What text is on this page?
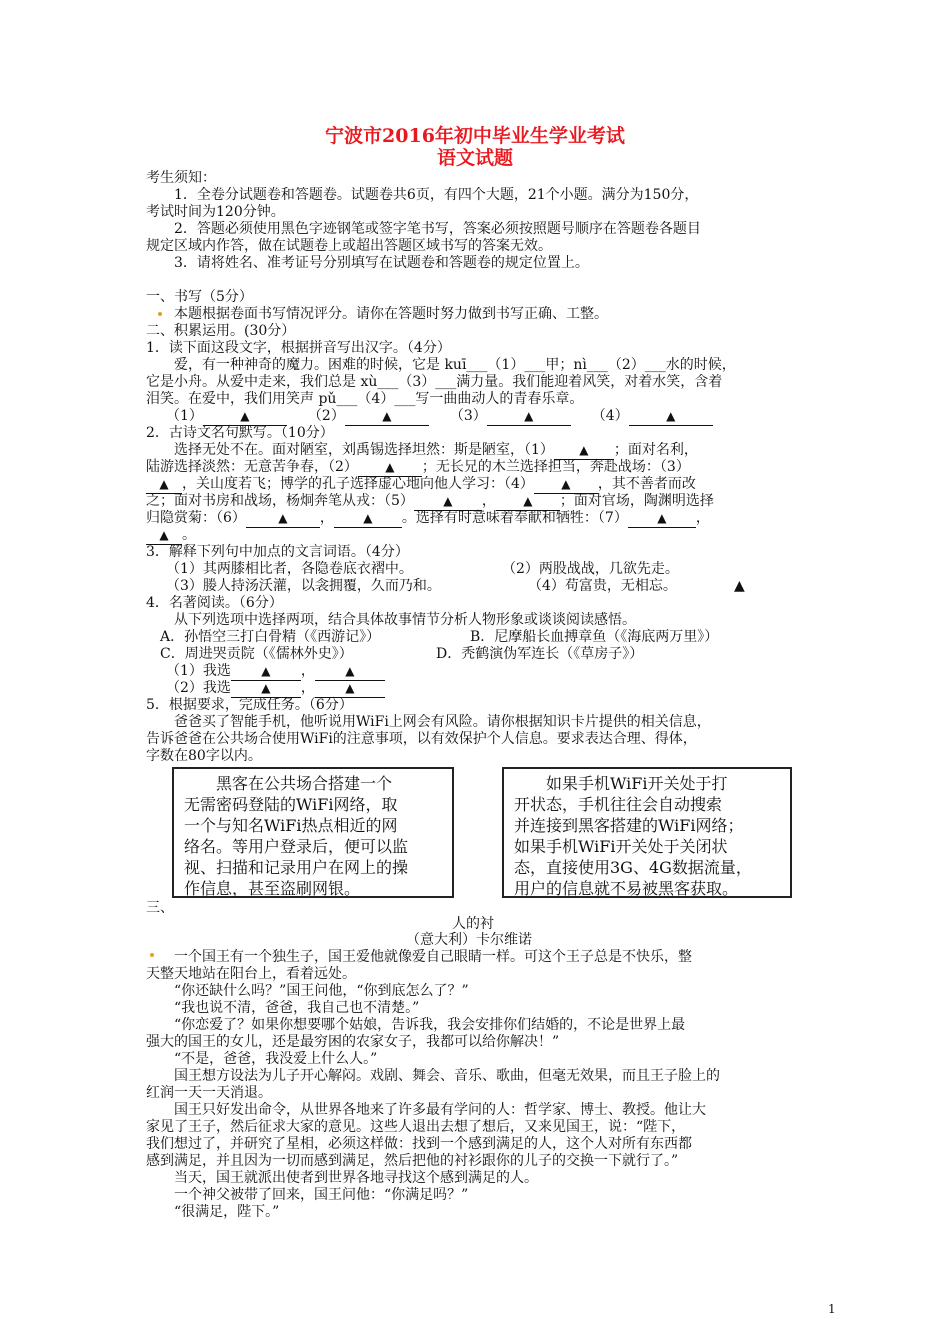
宁波市2016年初中毕业生学业考试
语文试题
考生须知：
1．全卷分试题卷和答题卷。试题卷共6页，有四个大题，21个小题。满分为150分，
考试时间为120分钟。
2．答题必须使用黑色字迹钢笔或签字笔书写，答案必须按照题号顺序在答题卷各题目
规定区域内作答，做在试题卷上或超出答题区域书写的答案无效。
3．请将姓名、准考证号分别填写在试题卷和答题卷的规定位置上。
一、书写（5分）
本题根据卷面书写情况评分。请你在答题时努力做到书写正确、工整。
二、积累运用。(30分）
1．读下面这段文字，根据拼音写出汉字。（4分）
爱，有一种神奇的魔力。困难的时候，它是 kuī___（1）___甲；nì___（2）___水的时候，
它是小舟。从爱中走来，我们总是 xù___（3）___满力量。我们能迎着风笑，对着水笑，含着
泪笑。在爱中，我们用笑声 pǔ___（4）___写一曲曲动人的青春乐章。
（1）	▲　　	（2）	▲　　	（3）	▲　　	（4）	▲
2．古诗文名句默写。（10分）
选择无处不在。面对陋室，刘禹锡选择坦然：斯是陋室，（1） ▲ ；面对名利，
陆游选择淡然：无意苦争春，（2） ▲ ；无长兄的木兰选择担当，奔赴战场：（3）
▲ ，关山度若飞；博学的孔子选择虚心地向他人学习：（4） ▲ ，其不善者而改
之；面对书房和战场，杨炯奔笔从戎：（5） ▲ ， ▲ ；面对官场，陶渊明选择
归隐赏菊：（6）	▲ ， ▲ 。选择有时意味着奉献和牺牲：（7） ▲ ，
▲ 。
3．解释下列句中加点的文言词语。（4分）
（1）其两膝相比者，各隐卷底衣褶中。	（2）两股战战，几欲先走。
（3）媵人持汤沃灌，以衾拥覆，久而乃和。	（4）苟富贵，无相忘。	▲
4．名著阅读。（6分）
从下列选项中选择两项，结合具体故事情节分析人物形象或谈谈阅读感悟。
A．孙悟空三打白骨精（《西游记》）	B．尼摩船长血搏章鱼（《海底两万里》）
C．周进哭贡院（《儒林外史》）	D．秃鹤演伪军连长（《草房子》）
（1）我选	▲ ，	▲
（2）我选	▲ ，	▲
5．根据要求，完成任务。（6分）
爸爸买了智能手机，他听说用WiFi上网会有风险。请你根据知识卡片提供的相关信息，
告诉爸爸在公共场合使用WiFi的注意事项，以有效保护个人信息。要求表达合理、得体，
字数在80字以内。

　　黑客在公共场合搭建一个

无需密码登陆的WiFi网络，取

一个与知名WiFi热点相近的网

络名。等用户登录后，便可以监

视、扫描和记录用户在网上的操

作信息，甚至盗刷网银。

　　如果手机WiFi开关处于打

开状态，手机往往会自动搜索

并连接到黑客搭建的WiFi网络；

如果手机WiFi开关处于关闭状

态，直接使用3G、4G数据流量，

用户的信息就不易被黑客获取。

三、
人的衬
（意大利）卡尔维诺
一个国王有一个独生子，国王爱他就像爱自己眼睛一样。可这个王子总是不快乐，整
天整天地站在阳台上，看着远处。
“你还缺什么吗？”国王问他，“你到底怎么了？”
“我也说不清，爸爸，我自己也不清楚。”
“你恋爱了？如果你想要哪个姑娘，告诉我，我会安排你们结婚的，不论是世界上最
强大的国王的女儿，还是最穷困的农家女子，我都可以给你解决！”
“不是，爸爸，我没爱上什么人。”
国王想方设法为儿子开心解闷。戏剧、舞会、音乐、歌曲，但毫无效果，而且王子脸上的
红润一天一天消退。
国王只好发出命令，从世界各地来了许多最有学问的人：哲学家、博士、教授。他让大
家见了王子，然后征求大家的意见。这些人退出去想了想后，又来见国王，说：“陛下，
我们想过了，并研究了星相，必须这样做：找到一个感到满足的人，这个人对所有东西都
感到满足，并且因为一切而感到满足，然后把他的衬衫跟你的儿子的交换一下就行了。”
当天，国王就派出使者到世界各地寻找这个感到满足的人。
一个神父被带了回来，国王问他：“你满足吗？”
“很满足，陛下。”
1
